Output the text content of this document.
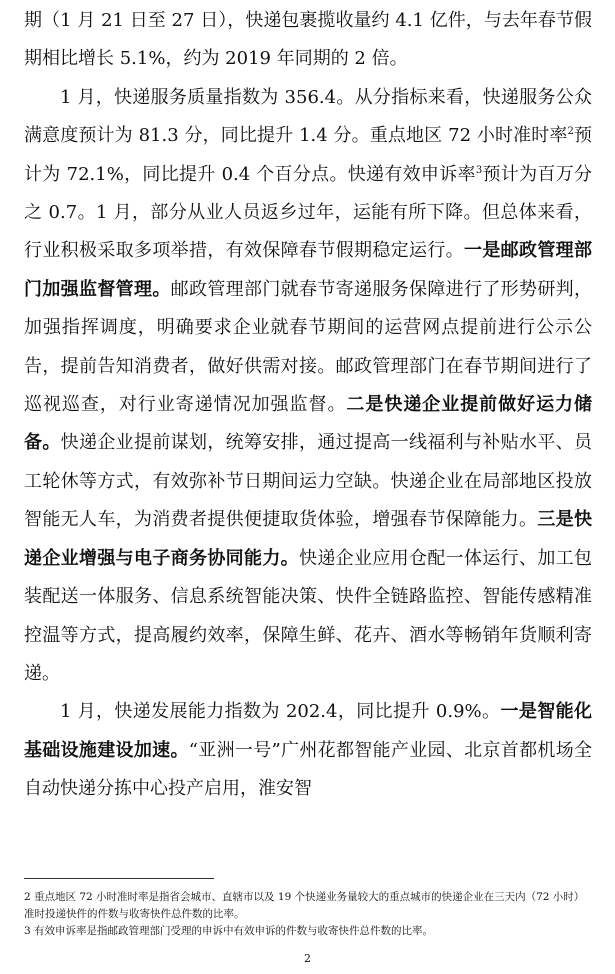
期（1 月 21 日至 27 日），快递包裹揽收量约 4.1 亿件，与去年春节假期相比增长 5.1%，约为 2019 年同期的 2 倍。

1 月，快递服务质量指数为 356.4。从分指标来看，快递服务公众满意度预计为 81.3 分，同比提升 1.4 分。重点地区 72 小时准时率$^2$预计为 72.1%，同比提升 0.4 个百分点。快递有效申诉率$^3$预计为百万分之 0.7。1 月，部分从业人员返乡过年，运能有所下降。但总体来看，行业积极采取多项举措，有效保障春节假期稳定运行。一是邮政管理部门加强监督管理。邮政管理部门就春节寄递服务保障进行了形势研判，加强指挥调度，明确要求企业就春节期间的运营网点提前进行公示公告，提前告知消费者，做好供需对接。邮政管理部门在春节期间进行了巡视巡查，对行业寄递情况加强监督。二是快递企业提前做好运力储备。快递企业提前谋划，统筹安排，通过提高一线福利与补贴水平、员工轮休等方式，有效弥补节日期间运力空缺。快递企业在局部地区投放智能无人车，为消费者提供便捷取货体验，增强春节保障能力。三是快递企业增强与电子商务协同能力。快递企业应用仓配一体运行、加工包装配送一体服务、信息系统智能决策、快件全链路监控、智能传感精准控温等方式，提高履约效率，保障生鲜、花卉、酒水等畅销年货顺利寄递。

1 月，快递发展能力指数为 202.4，同比提升 0.9%。一是智能化基础设施建设加速。“亚洲一号”广州花都智能产业园、北京首都机场全自动快递分拣中心投产启用，淮安智

2 重点地区 72 小时准时率是指省会城市、直辖市以及 19 个快递业务量较大的重点城市的快递企业在三天内（72 小时）准时投递快件的件数与收寄快件总件数的比率。

3 有效申诉率是指邮政管理部门受理的申诉中有效申诉的件数与收寄快件总件数的比率。

2
